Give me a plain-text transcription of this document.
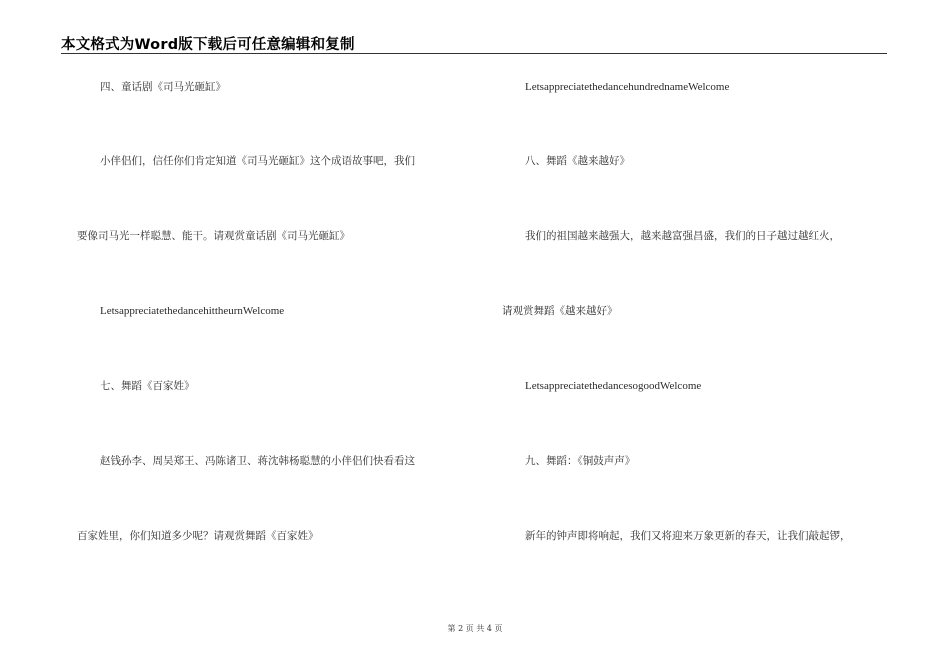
本文格式为Word版下载后可任意编辑和复制
四、童话剧《司马光砸缸》
小伴侣们，信任你们肯定知道《司马光砸缸》这个成语故事吧，我们
要像司马光一样聪慧、能干。请观赏童话剧《司马光砸缸》
LetsappreciatethedancehittheurnWelcome
七、舞蹈《百家姓》
赵钱孙李、周吴郑王、冯陈诸卫、蒋沈韩杨聪慧的小伴侣们快看看这
百家姓里，你们知道多少呢？请观赏舞蹈《百家姓》
LetsappreciatethedancehundrednameWelcome
八、舞蹈《越来越好》
我们的祖国越来越强大，越来越富强昌盛，我们的日子越过越红火，
请观赏舞蹈《越来越好》
LetsappreciatethedancesogoodWelcome
九、舞蹈：《铜鼓声声》
新年的钟声即将响起，我们又将迎来万象更新的春天，让我们敲起锣，
第 2 页 共 4 页
